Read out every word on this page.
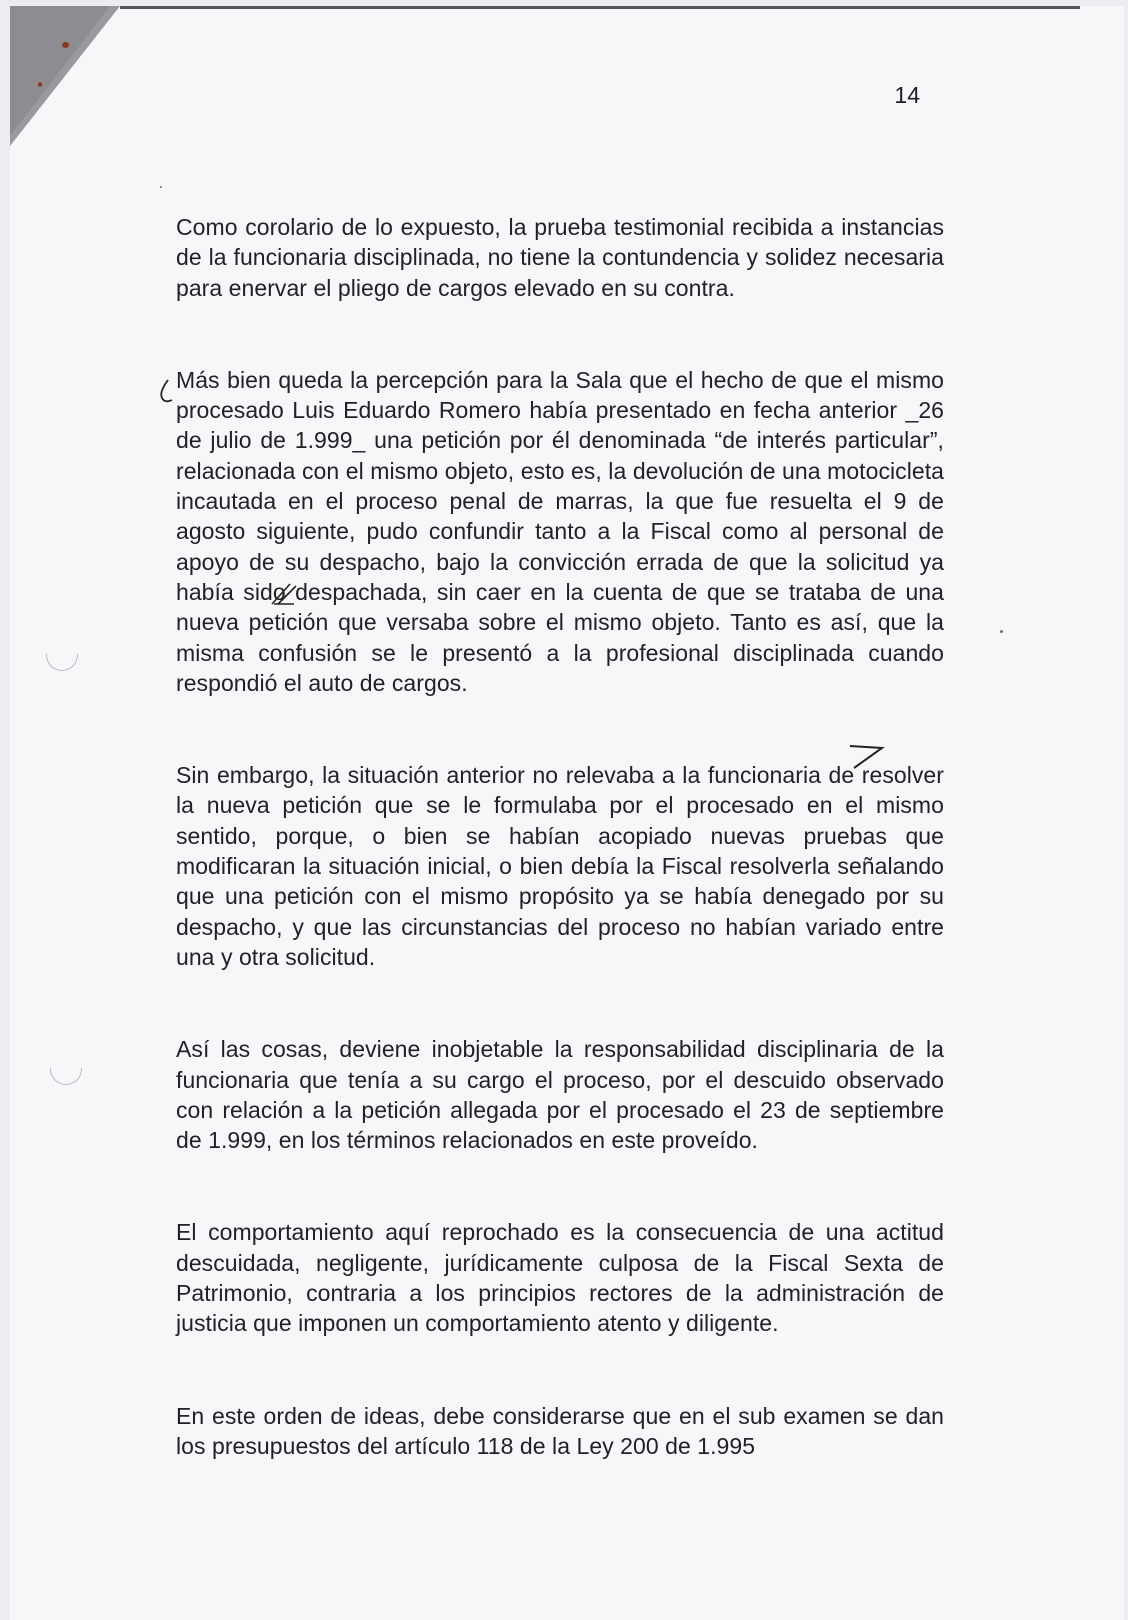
14

Como corolario de lo expuesto, la prueba testimonial recibida a instancias de la funcionaria disciplinada, no tiene la contundencia y solidez necesaria para enervar el pliego de cargos elevado en su contra.

Más bien queda la percepción para la Sala que el hecho de que el mismo procesado Luis Eduardo Romero había presentado en fecha anterior _26 de julio de 1.999_ una petición por él denominada “de interés particular”, relacionada con el mismo objeto, esto es, la devolución de una motocicleta incautada en el proceso penal de marras, la que fue resuelta el 9 de agosto siguiente, pudo confundir tanto a la Fiscal como al personal de apoyo de su despacho, bajo la convicción errada de que la solicitud ya había sido despachada, sin caer en la cuenta de que se trataba de una nueva petición que versaba sobre el mismo objeto. Tanto es así, que la misma confusión se le presentó a la profesional disciplinada cuando respondió el auto de cargos.

Sin embargo, la situación anterior no relevaba a la funcionaria de resolver la nueva petición que se le formulaba por el procesado en el mismo sentido, porque, o bien se habían acopiado nuevas pruebas que modificaran la situación inicial, o bien debía la Fiscal resolverla señalando que una petición con el mismo propósito ya se había denegado por su despacho, y que las circunstancias del proceso no habían variado entre una y otra solicitud.

Así las cosas, deviene inobjetable la responsabilidad disciplinaria de la funcionaria que tenía a su cargo el proceso, por el descuido observado con relación a la petición allegada por el procesado el 23 de septiembre de 1.999, en los términos relacionados en este proveído.

El comportamiento aquí reprochado es la consecuencia de una actitud descuidada, negligente, jurídicamente culposa de la Fiscal Sexta de Patrimonio, contraria a los principios rectores de la administración de justicia que imponen un comportamiento atento y diligente.

En este orden de ideas, debe considerarse que en el sub examen se dan los presupuestos del artículo 118 de la Ley 200 de 1.995
